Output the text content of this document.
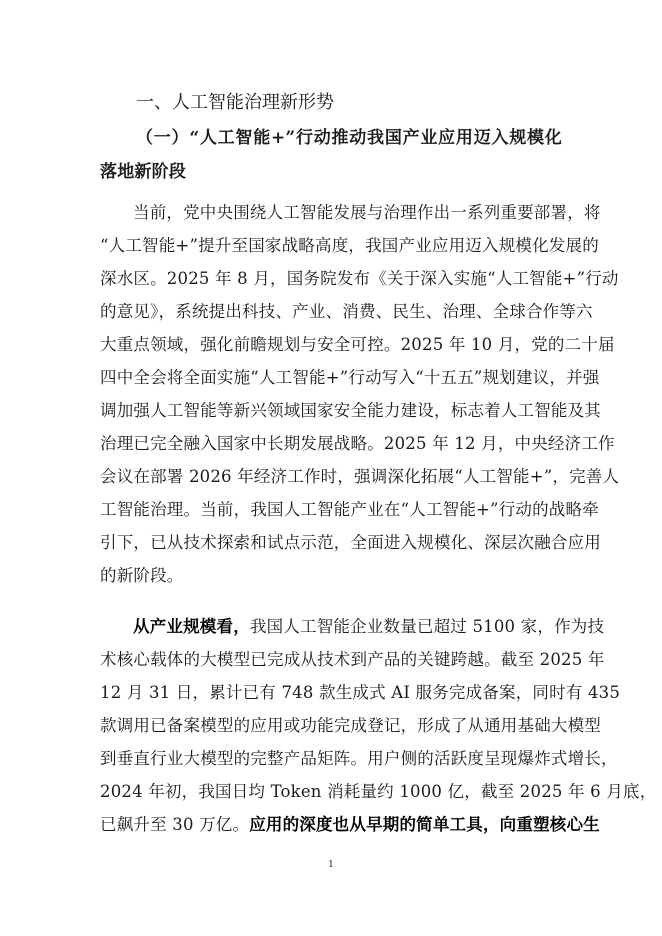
一、人工智能治理新形势
（一）“人工智能+”行动推动我国产业应用迈入规模化
落地新阶段
当前，党中央围绕人工智能发展与治理作出一系列重要部署，将
“人工智能+”提升至国家战略高度，我国产业应用迈入规模化发展的
深水区。2025 年 8 月，国务院发布《关于深入实施“人工智能+”行动
的意见》，系统提出科技、产业、消费、民生、治理、全球合作等六
大重点领域，强化前瞻规划与安全可控。2025 年 10 月，党的二十届
四中全会将全面实施“人工智能+”行动写入“十五五”规划建议，并强
调加强人工智能等新兴领域国家安全能力建设，标志着人工智能及其
治理已完全融入国家中长期发展战略。2025 年 12 月，中央经济工作
会议在部署 2026 年经济工作时，强调深化拓展“人工智能+”，完善人
工智能治理。当前，我国人工智能产业在“人工智能+”行动的战略牵
引下，已从技术探索和试点示范，全面进入规模化、深层次融合应用
的新阶段。
从产业规模看，我国人工智能企业数量已超过 5100 家，作为技
术核心载体的大模型已完成从技术到产品的关键跨越。截至 2025 年
12 月 31 日，累计已有 748 款生成式 AI 服务完成备案，同时有 435
款调用已备案模型的应用或功能完成登记，形成了从通用基础大模型
到垂直行业大模型的完整产品矩阵。用户侧的活跃度呈现爆炸式增长，
2024 年初，我国日均 Token 消耗量约 1000 亿，截至 2025 年 6 月底，
已飙升至 30 万亿。应用的深度也从早期的简单工具，向重塑核心生
1
